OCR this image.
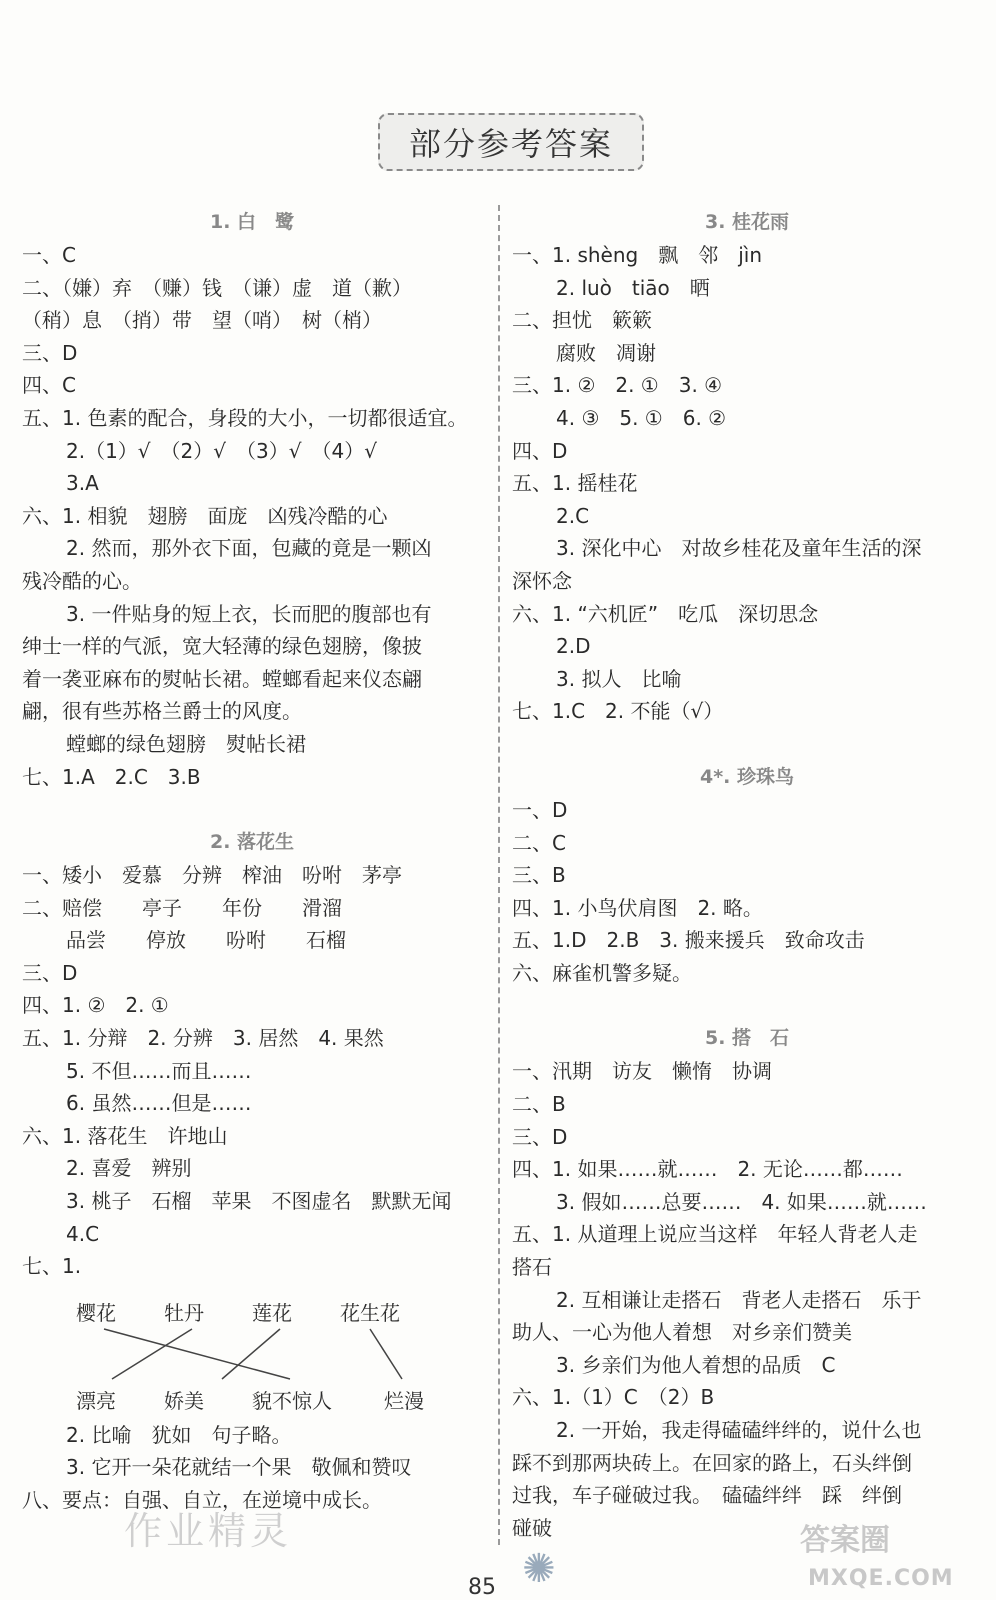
部分参考答案
1. 白　鹭
一、C
二、（嫌）弃　（赚）钱　（谦）虚　道（歉）
（稍）息　（捎）带　望（哨）　树（梢）
三、D
四、C
五、1. 色素的配合，身段的大小，一切都很适宜。
2.（1）√　（2）√　（3）√　（4）√
3.A
六、1. 相貌　翅膀　面庞　凶残冷酷的心
2. 然而，那外衣下面，包藏的竟是一颗凶
残冷酷的心。
3. 一件贴身的短上衣，长而肥的腹部也有
绅士一样的气派，宽大轻薄的绿色翅膀，像披
着一袭亚麻布的熨帖长裙。螳螂看起来仪态翩
翩，很有些苏格兰爵士的风度。
螳螂的绿色翅膀　熨帖长裙
七、1.A　2.C　3.B
2. 落花生
一、矮小　爱慕　分辨　榨油　吩咐　茅亭
二、赔偿　　亭子　　年份　　滑溜
品尝　　停放　　吩咐　　石榴
三、D
四、1. ②　2. ①
五、1. 分辩　2. 分辨　3. 居然　4. 果然
5. 不但……而且……
6. 虽然……但是……
六、1. 落花生　许地山
2. 喜爱　辨别
3. 桃子　石榴　苹果　不图虚名　默默无闻
4.C
七、1.
樱花 牡丹 莲花 花生花
漂亮 娇美 貌不惊人	烂漫
2. 比喻　犹如　句子略。
3. 它开一朵花就结一个果　敬佩和赞叹
八、要点：自强、自立，在逆境中成长。
3. 桂花雨
一、1. shèng　飘　邻　jìn
2. luò　tiāo　晒
二、担忧　簌簌
腐败　凋谢
三、1. ②　2. ①　3. ④
4. ③　5. ①　6. ②
四、D
五、1. 摇桂花
2.C
3. 深化中心　对故乡桂花及童年生活的深
深怀念
六、1. “六机匠”　吃瓜　深切思念
2.D
3. 拟人　比喻
七、1.C　2. 不能（√）
4*. 珍珠鸟
一、D
二、C
三、B
四、1. 小鸟伏肩图　2. 略。
五、1.D　2.B　3. 搬来援兵　致命攻击
六、麻雀机警多疑。
5. 搭　石
一、汛期　访友　懒惰　协调
二、B
三、D
四、1. 如果……就……　2. 无论……都……
3. 假如……总要……　4. 如果……就……
五、1. 从道理上说应当这样　年轻人背老人走
搭石
2. 互相谦让走搭石　背老人走搭石　乐于
助人、一心为他人着想　对乡亲们赞美
3. 乡亲们为他人着想的品质　C
六、1.（1）C　（2）B
2. 一开始，我走得磕磕绊绊的，说什么也
踩不到那两块砖上。在回家的路上，石头绊倒
过我，车子碰破过我。　磕磕绊绊　踩　绊倒
碰破
作业精灵
✺
85
答案圈
MXQE.COM
